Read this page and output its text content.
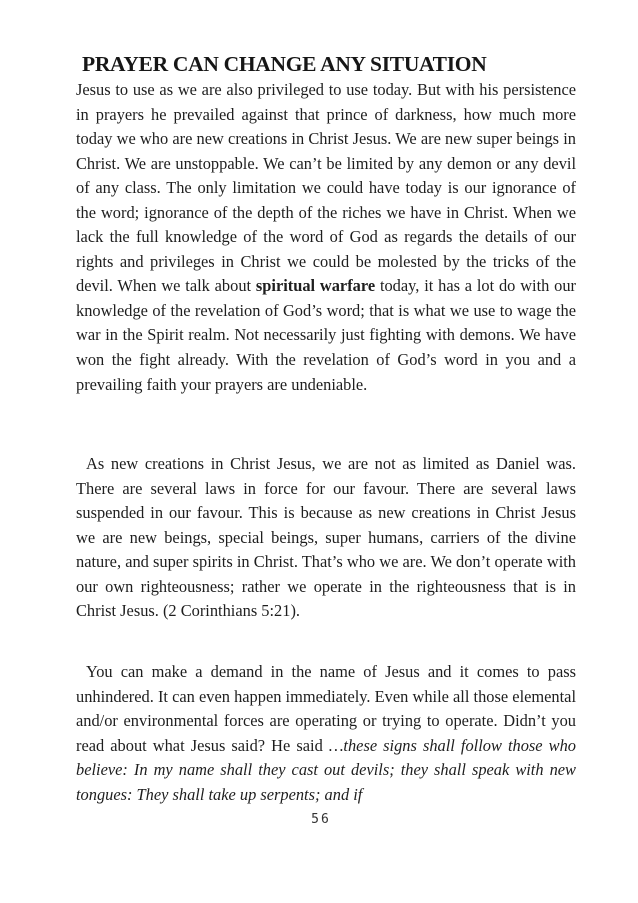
PRAYER CAN CHANGE ANY SITUATION
Jesus to use as we are also privileged to use today. But with his persistence in prayers he prevailed against that prince of darkness, how much more today we who are new creations in Christ Jesus. We are new super beings in Christ. We are unstoppable. We can’t be limited by any demon or any devil of any class. The only limitation we could have today is our ignorance of the word; ignorance of the depth of the riches we have in Christ. When we lack the full knowledge of the word of God as regards the details of our rights and privileges in Christ we could be molested by the tricks of the devil. When we talk about spiritual warfare today, it has a lot do with our knowledge of the revelation of God’s word; that is what we use to wage the war in the Spirit realm. Not necessarily just fighting with demons. We have won the fight already. With the revelation of God’s word in you and a prevailing faith your prayers are undeniable.
As new creations in Christ Jesus, we are not as limited as Daniel was. There are several laws in force for our favour. There are several laws suspended in our favour. This is because as new creations in Christ Jesus we are new beings, special beings, super humans, carriers of the divine nature, and super spirits in Christ. That’s who we are. We don’t operate with our own righteousness; rather we operate in the righteousness that is in Christ Jesus. (2 Corinthians 5:21).
You can make a demand in the name of Jesus and it comes to pass unhindered. It can even happen immediately. Even while all those elemental and/or environmental forces are operating or trying to operate. Didn’t you read about what Jesus said? He said …these signs shall follow those who believe: In my name shall they cast out devils; they shall speak with new tongues: They shall take up serpents; and if
56
